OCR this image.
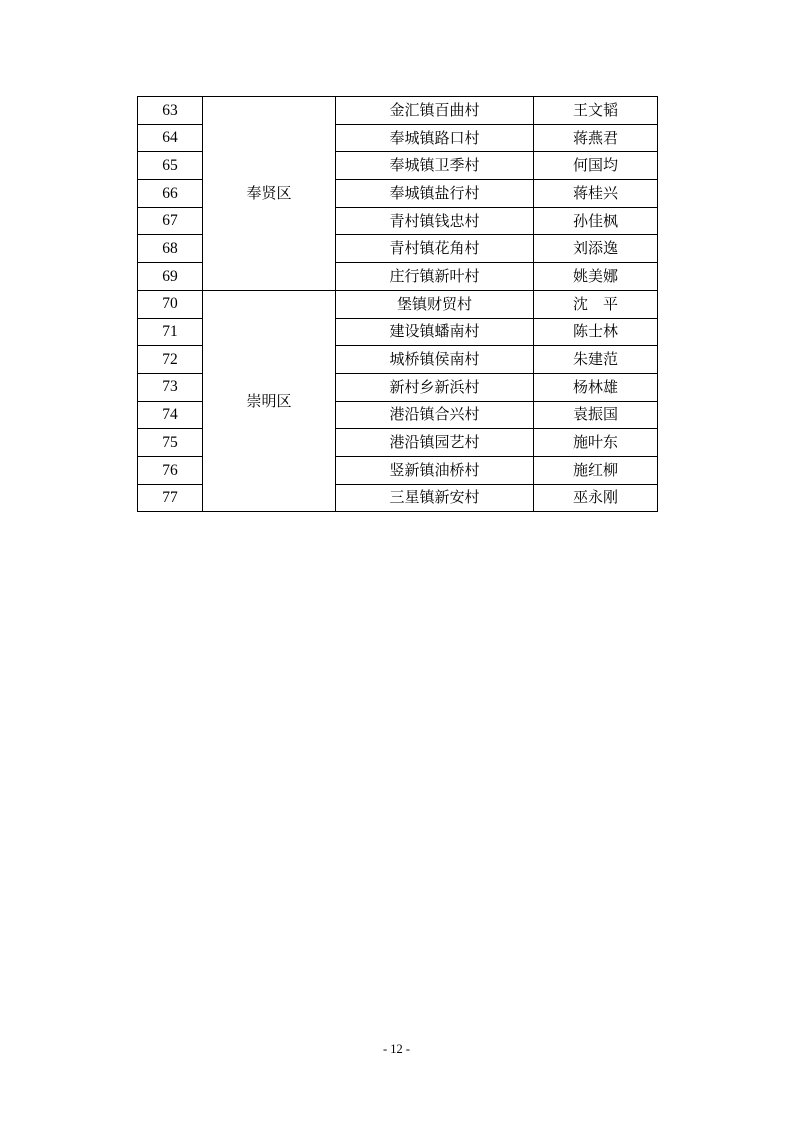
63	奉贤区	金汇镇百曲村	王文韬
64		奉城镇路口村	蒋燕君
65		奉城镇卫季村	何国均
66		奉城镇盐行村	蒋桂兴
67		青村镇钱忠村	孙佳枫
68		青村镇花角村	刘添逸
69		庄行镇新叶村	姚美娜
70	崇明区	堡镇财贸村	沈　平
71		建设镇蟠南村	陈士林
72		城桥镇侯南村	朱建范
73		新村乡新浜村	杨林雄
74		港沿镇合兴村	袁振国
75		港沿镇园艺村	施叶东
76		竖新镇油桥村	施红柳
77		三星镇新安村	巫永刚
- 12 -
